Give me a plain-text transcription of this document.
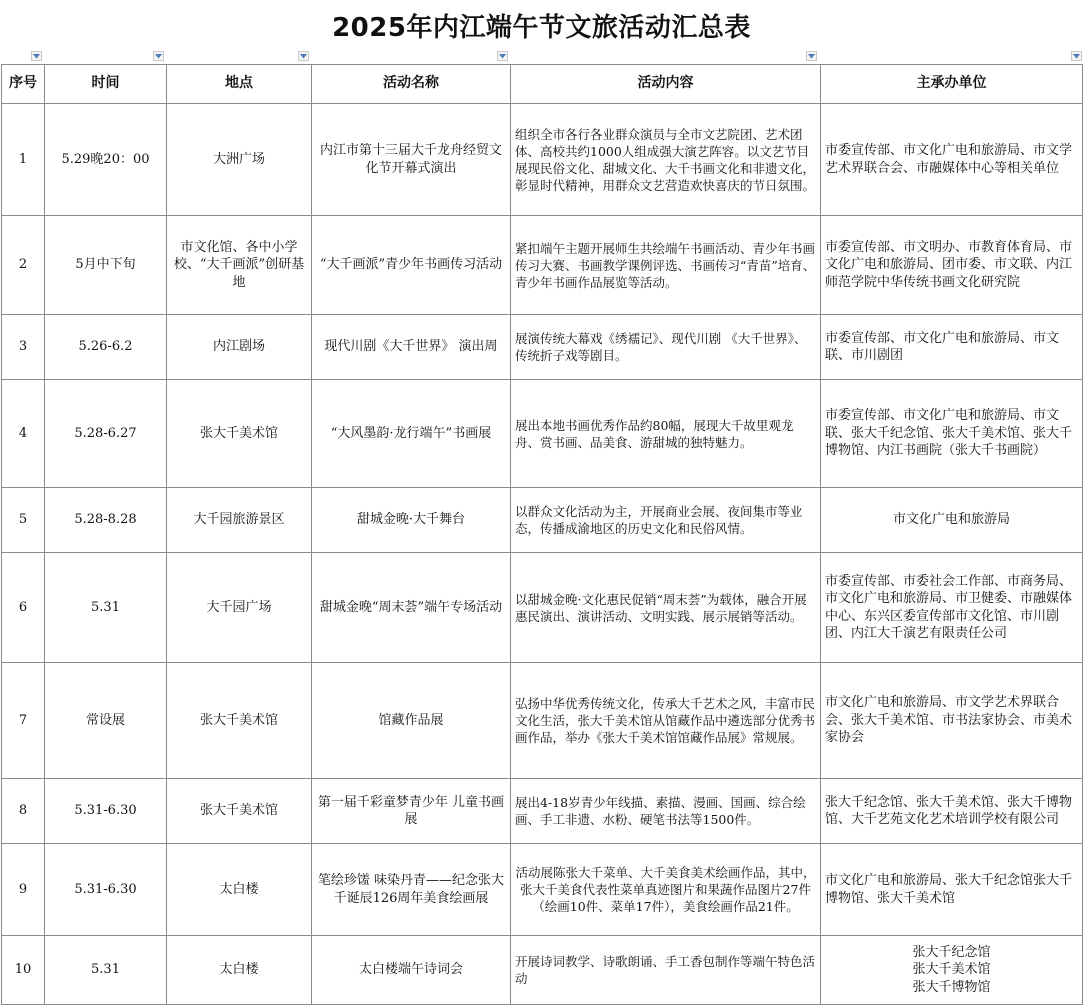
2025年内江端午节文旅活动汇总表
序号	时间	地点	活动名称	活动内容	主承办单位
1	5.29晚20：00	大洲广场	内江市第十三届大千龙舟经贸文化节开幕式演出	组织全市各行各业群众演员与全市文艺院团、艺术团体、高校共约1000人组成强大演艺阵容。以文艺节目展现民俗文化、甜城文化、大千书画文化和非遗文化，彰显时代精神，用群众文艺营造欢快喜庆的节日氛围。	市委宣传部、市文化广电和旅游局、市文学艺术界联合会、市融媒体中心等相关单位
2	5月中下旬	市文化馆、各中小学校、“大千画派”创研基地	“大千画派”青少年书画传习活动	紧扣端午主题开展师生共绘端午书画活动、青少年书画传习大赛、书画教学课例评选、书画传习“青苗”培育、青少年书画作品展览等活动。	市委宣传部、市文明办、市教育体育局、市文化广电和旅游局、团市委、市文联、内江师范学院中华传统书画文化研究院
3	5.26-6.2	内江剧场	现代川剧《大千世界》 演出周	展演传统大幕戏《绣襦记》、现代川剧 《大千世界》、传统折子戏等剧目。	市委宣传部、市文化广电和旅游局、市文联、市川剧团
4	5.28-6.27	张大千美术馆	“大风墨韵·龙行端午”书画展	展出本地书画优秀作品约80幅，展现大千故里观龙舟、赏书画、品美食、游甜城的独特魅力。	市委宣传部、市文化广电和旅游局、市文联、张大千纪念馆、张大千美术馆、张大千博物馆、内江书画院（张大千书画院）
5	5.28-8.28	大千园旅游景区	甜城金晚·大千舞台	以群众文化活动为主，开展商业会展、夜间集市等业态，传播成渝地区的历史文化和民俗风情。	市文化广电和旅游局
6	5.31	大千园广场	甜城金晚“周末荟”端午专场活动	以甜城金晚·文化惠民促销“周末荟”为载体，融合开展惠民演出、演讲活动、文明实践、展示展销等活动。	市委宣传部、市委社会工作部、市商务局、市文化广电和旅游局、市卫健委、市融媒体中心、东兴区委宣传部市文化馆、市川剧团、内江大千演艺有限责任公司
7	常设展	张大千美术馆	馆藏作品展	弘扬中华优秀传统文化，传承大千艺术之风，丰富市民文化生活，张大千美术馆从馆藏作品中遴选部分优秀书画作品，举办《张大千美术馆馆藏作品展》常规展。	市文化广电和旅游局、市文学艺术界联合会、张大千美术馆、市书法家协会、市美术家协会
8	5.31-6.30	张大千美术馆	第一届千彩童梦青少年 儿童书画展	展出4-18岁青少年线描、素描、漫画、国画、综合绘画、手工非遗、水粉、硬笔书法等1500件。	张大千纪念馆、张大千美术馆、张大千博物馆、大千艺苑文化艺术培训学校有限公司
9	5.31-6.30	太白楼	笔绘珍馐 味染丹青——纪念张大千诞辰126周年美食绘画展	活动展陈张大千菜单、大千美食美术绘画作品，其中，张大千美食代表性菜单真迹图片和果蔬作品图片27件（绘画10件、菜单17件），美食绘画作品21件。	市文化广电和旅游局、张大千纪念馆张大千博物馆、张大千美术馆
10	5.31	太白楼	太白楼端午诗词会	开展诗词教学、诗歌朗诵、手工香包制作等端午特色活动	张大千纪念馆
张大千美术馆
张大千博物馆
